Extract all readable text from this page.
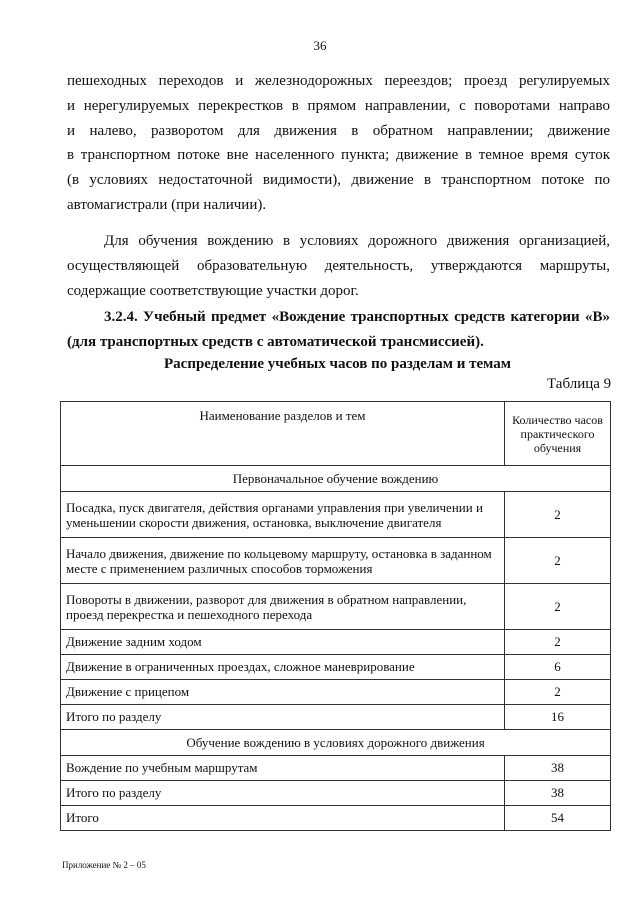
36
пешеходных переходов и железнодорожных переездов; проезд регулируемых
и нерегулируемых перекрестков в прямом направлении, с поворотами направо
и налево, разворотом для движения в обратном направлении; движение
в транспортном потоке вне населенного пункта; движение в темное время суток
(в условиях недостаточной видимости), движение в транспортном потоке по
автомагистрали (при наличии).
Для обучения вождению в условиях дорожного движения организацией,
осуществляющей образовательную деятельность, утверждаются маршруты,
содержащие соответствующие участки дорог.
3.2.4. Учебный предмет «Вождение транспортных средств категории «В»
(для транспортных средств с автоматической трансмиссией).
Распределение учебных часов по разделам и темам
Таблица 9
Наименование разделов и тем	Количество часов
практического
обучения

Первоначальное обучение вождению	

Посадка, пуск двигателя, действия органами управления при увеличении и
уменьшении скорости движения, остановка, выключение двигателя	2

Начало движения, движение по кольцевому маршруту, остановка в заданном
месте с применением различных способов торможения	2

Повороты в движении, разворот для движения в обратном направлении,
проезд перекрестка и пешеходного перехода	2
Движение задним ходом	2
Движение в ограниченных проездах, сложное маневрирование	6
Движение с прицепом	2
Итого по разделу	16
Обучение вождению в условиях дорожного движения	
Вождение по учебным маршрутам	38
Итого по разделу	38
Итого	54
Приложение № 2 – 05
